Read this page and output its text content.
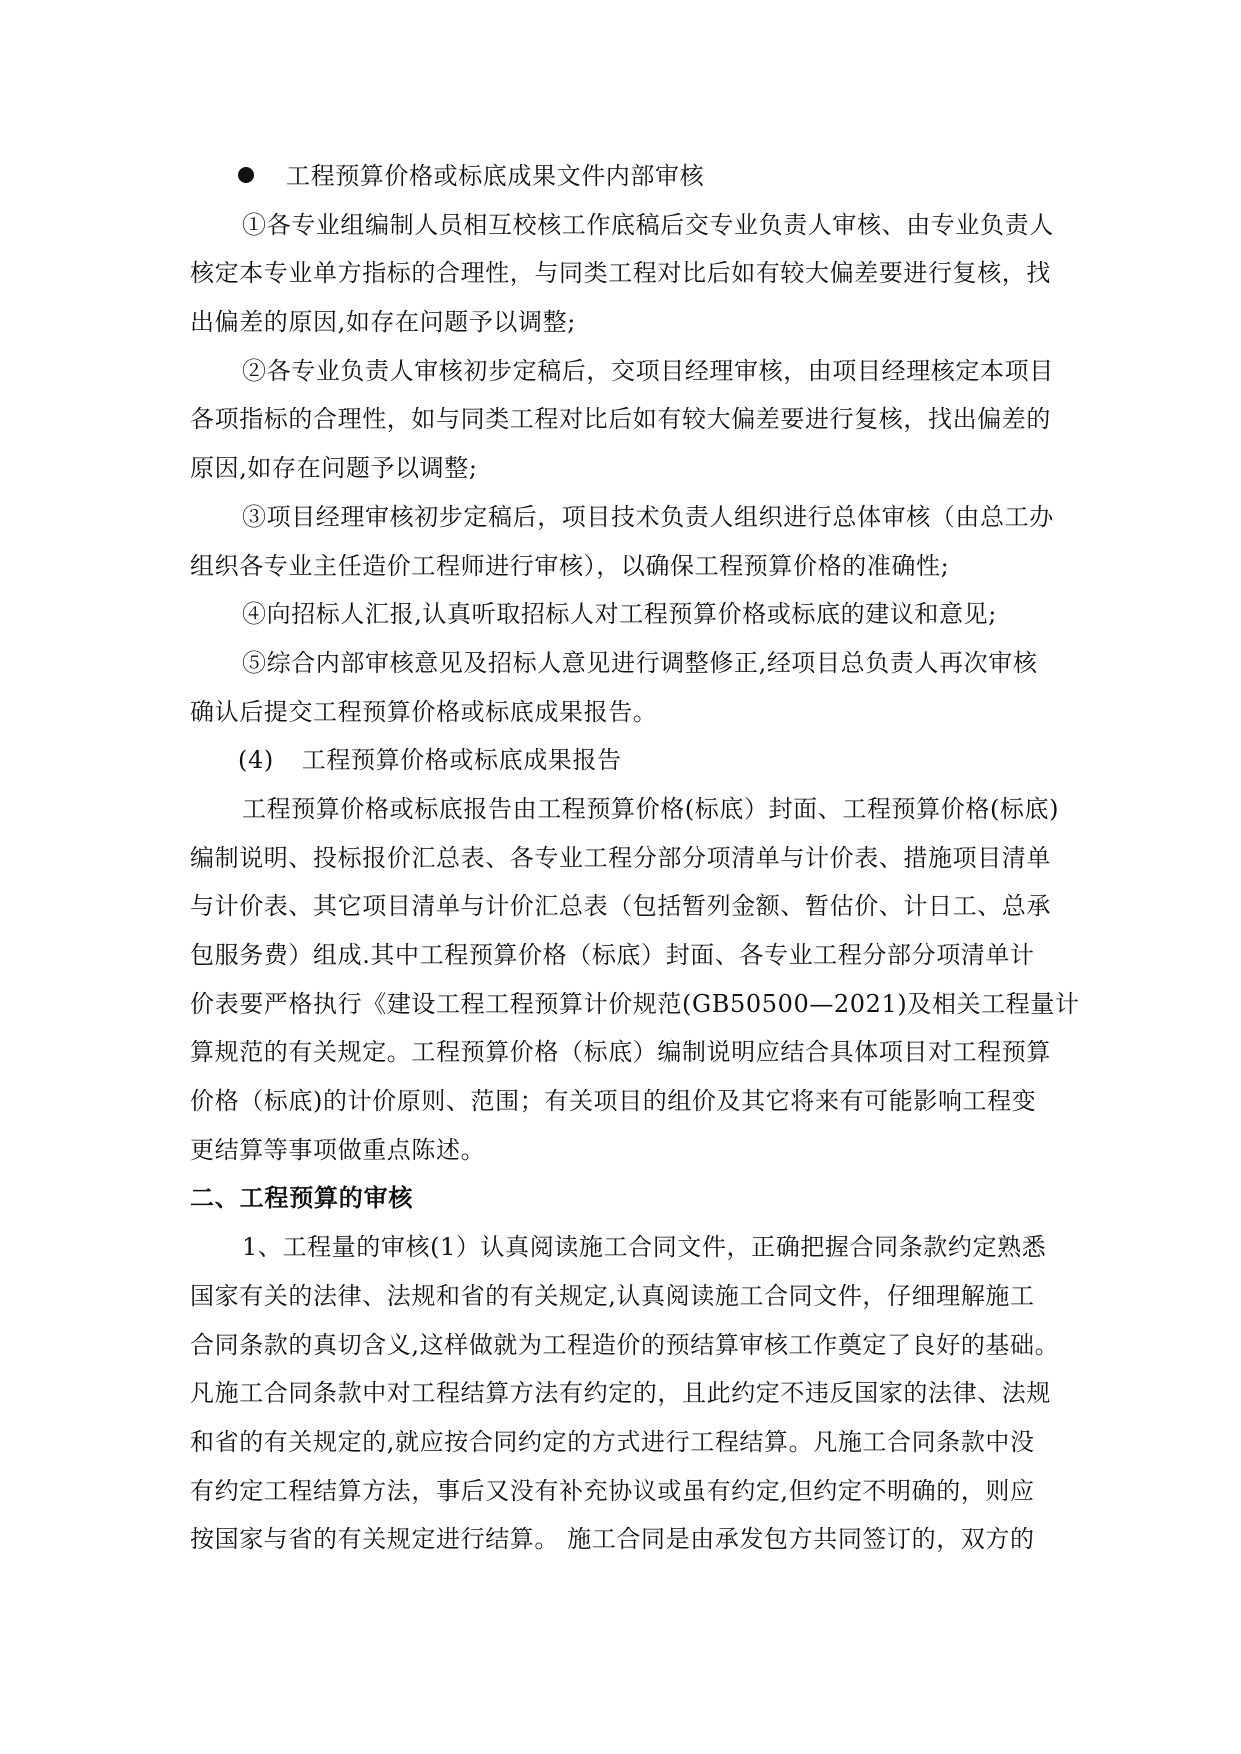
工程预算价格或标底成果文件内部审核
①各专业组编制人员相互校核工作底稿后交专业负责人审核、由专业负责人
核定本专业单方指标的合理性，与同类工程对比后如有较大偏差要进行复核，找
出偏差的原因,如存在问题予以调整;
②各专业负责人审核初步定稿后，交项目经理审核，由项目经理核定本项目
各项指标的合理性，如与同类工程对比后如有较大偏差要进行复核，找出偏差的
原因,如存在问题予以调整;
③项目经理审核初步定稿后，项目技术负责人组织进行总体审核（由总工办
组织各专业主任造价工程师进行审核），以确保工程预算价格的准确性;
④向招标人汇报,认真听取招标人对工程预算价格或标底的建议和意见;
⑤综合内部审核意见及招标人意见进行调整修正,经项目总负责人再次审核
确认后提交工程预算价格或标底成果报告。
(4) 工程预算价格或标底成果报告
工程预算价格或标底报告由工程预算价格(标底）封面、工程预算价格(标底)
编制说明、投标报价汇总表、各专业工程分部分项清单与计价表、措施项目清单
与计价表、其它项目清单与计价汇总表（包括暂列金额、暂估价、计日工、总承
包服务费）组成.其中工程预算价格（标底）封面、各专业工程分部分项清单计
价表要严格执行《建设工程工程预算计价规范(GB50500—2021)及相关工程量计
算规范的有关规定。工程预算价格（标底）编制说明应结合具体项目对工程预算
价格（标底)的计价原则、范围；有关项目的组价及其它将来有可能影响工程变
更结算等事项做重点陈述。
二、工程预算的审核
1、工程量的审核(1）认真阅读施工合同文件，正确把握合同条款约定熟悉
国家有关的法律、法规和省的有关规定,认真阅读施工合同文件，仔细理解施工
合同条款的真切含义,这样做就为工程造价的预结算审核工作奠定了良好的基础。
凡施工合同条款中对工程结算方法有约定的，且此约定不违反国家的法律、法规
和省的有关规定的,就应按合同约定的方式进行工程结算。凡施工合同条款中没
有约定工程结算方法，事后又没有补充协议或虽有约定,但约定不明确的，则应
按国家与省的有关规定进行结算。 施工合同是由承发包方共同签订的，双方的
